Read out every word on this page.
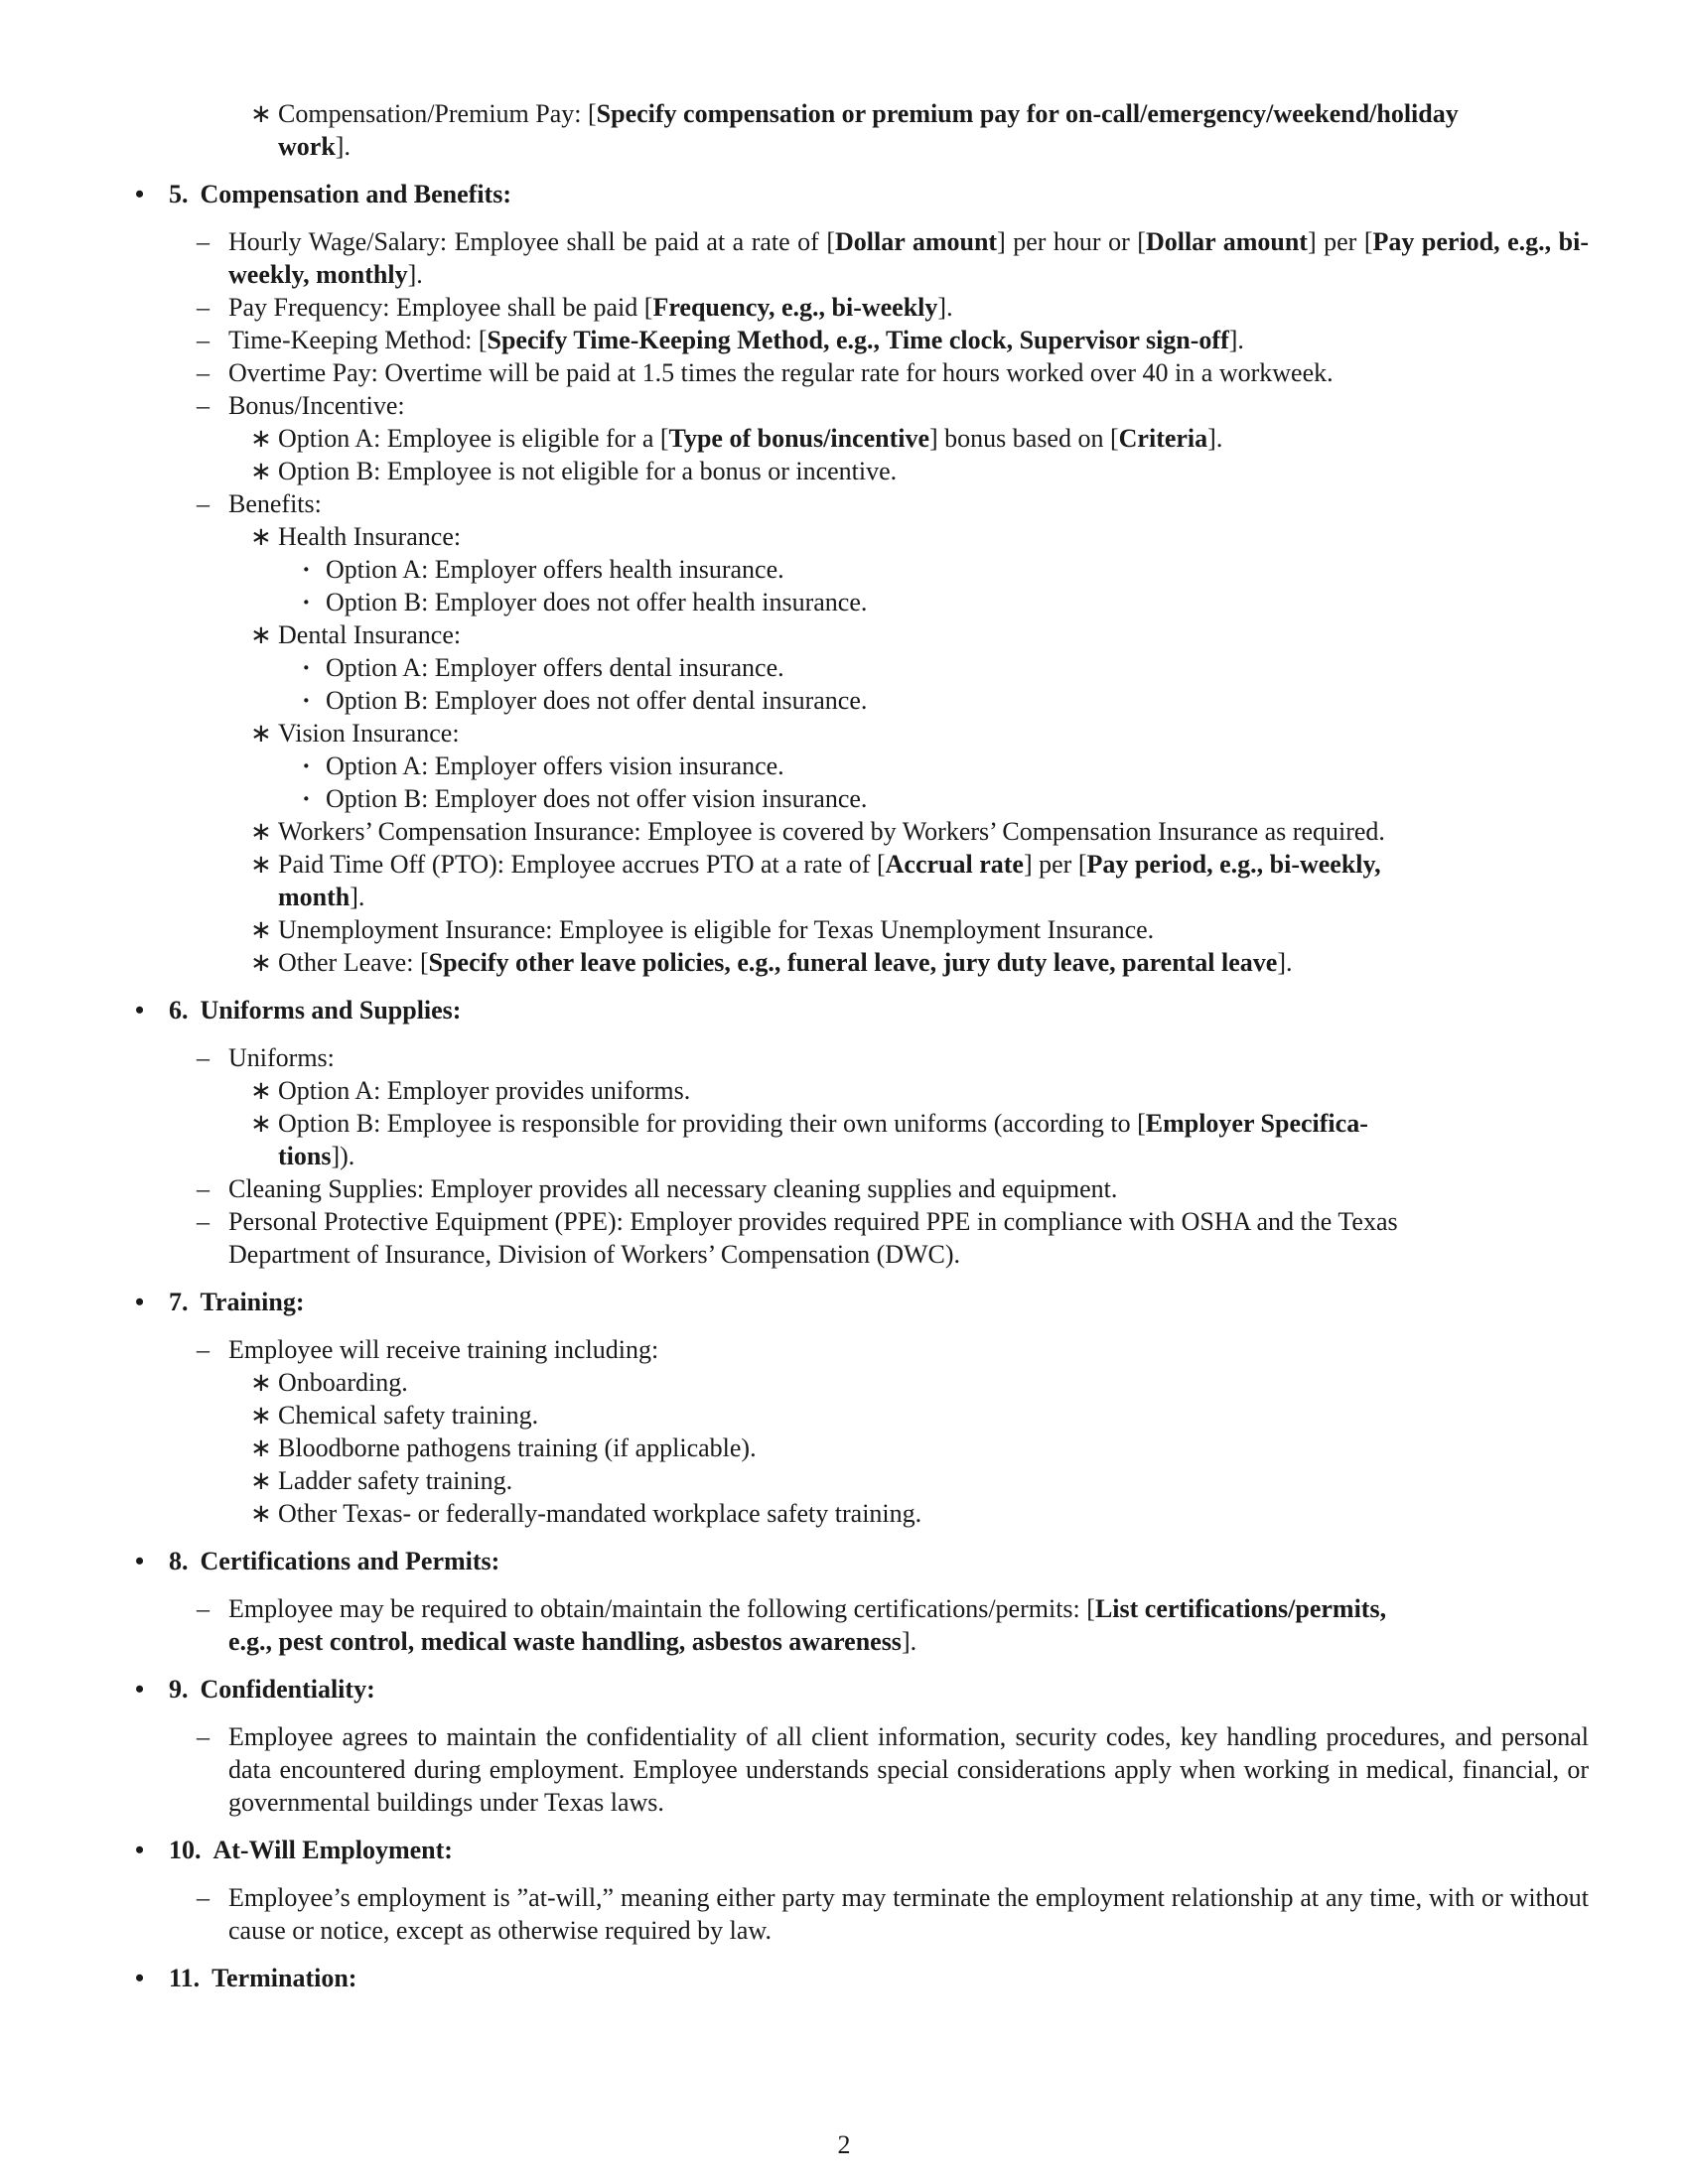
∗ Compensation/Premium Pay: [Specify compensation or premium pay for on-call/emergency/weekend/holiday
work].
• 5. Compensation and Benefits:
– Hourly Wage/Salary: Employee shall be paid at a rate of [Dollar amount] per hour or [Dollar amount] per [Pay period, e.g., bi-weekly, monthly].
– Pay Frequency: Employee shall be paid [Frequency, e.g., bi-weekly].
– Time-Keeping Method: [Specify Time-Keeping Method, e.g., Time clock, Supervisor sign-off].
– Overtime Pay: Overtime will be paid at 1.5 times the regular rate for hours worked over 40 in a workweek.
– Bonus/Incentive:
∗ Option A: Employee is eligible for a [Type of bonus/incentive] bonus based on [Criteria].
∗ Option B: Employee is not eligible for a bonus or incentive.
– Benefits:
∗ Health Insurance:
· Option A: Employer offers health insurance.
· Option B: Employer does not offer health insurance.
∗ Dental Insurance:
· Option A: Employer offers dental insurance.
· Option B: Employer does not offer dental insurance.
∗ Vision Insurance:
· Option A: Employer offers vision insurance.
· Option B: Employer does not offer vision insurance.
∗ Workers’ Compensation Insurance: Employee is covered by Workers’ Compensation Insurance as required.
∗ Paid Time Off (PTO): Employee accrues PTO at a rate of [Accrual rate] per [Pay period, e.g., bi-weekly,
month].
∗ Unemployment Insurance: Employee is eligible for Texas Unemployment Insurance.
∗ Other Leave: [Specify other leave policies, e.g., funeral leave, jury duty leave, parental leave].
• 6. Uniforms and Supplies:
– Uniforms:
∗ Option A: Employer provides uniforms.
∗ Option B: Employee is responsible for providing their own uniforms (according to [Employer Specifica-
tions]).
– Cleaning Supplies: Employer provides all necessary cleaning supplies and equipment.
– Personal Protective Equipment (PPE): Employer provides required PPE in compliance with OSHA and the Texas
Department of Insurance, Division of Workers’ Compensation (DWC).
• 7. Training:
– Employee will receive training including:
∗ Onboarding.
∗ Chemical safety training.
∗ Bloodborne pathogens training (if applicable).
∗ Ladder safety training.
∗ Other Texas- or federally-mandated workplace safety training.
• 8. Certifications and Permits:
– Employee may be required to obtain/maintain the following certifications/permits: [List certifications/permits,
e.g., pest control, medical waste handling, asbestos awareness].
• 9. Confidentiality:
– Employee agrees to maintain the confidentiality of all client information, security codes, key handling procedures, and personal data encountered during employment. Employee understands special considerations apply when working in medical, financial, or governmental buildings under Texas laws.
• 10. At-Will Employment:
– Employee’s employment is ”at-will,” meaning either party may terminate the employment relationship at any time, with or without cause or notice, except as otherwise required by law.
• 11. Termination:
2
